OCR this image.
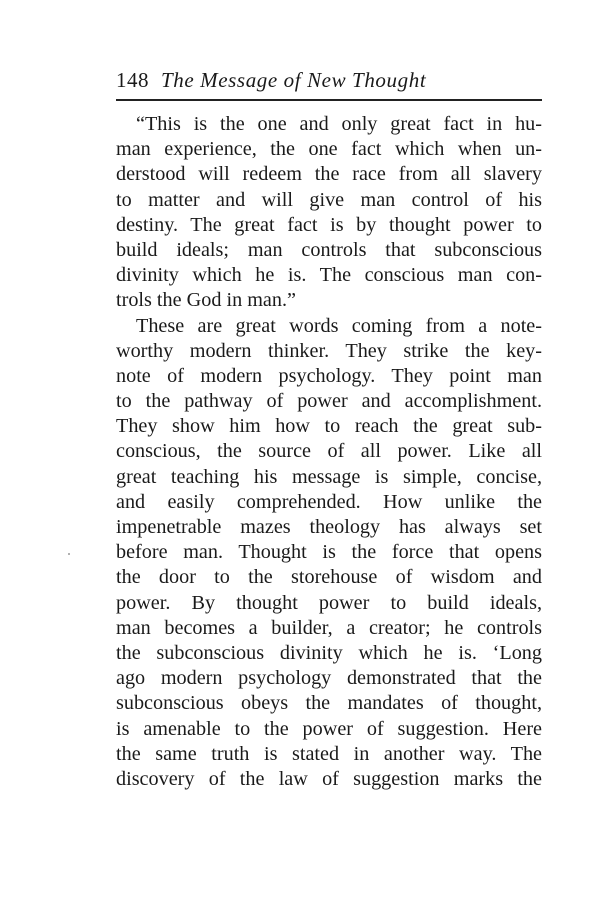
148 The Message of New Thought
“This is the one and only great fact in hu-
man experience, the one fact which when un-
derstood will redeem the race from all slavery
to matter and will give man control of his
destiny. The great fact is by thought power to
build ideals; man controls that subconscious
divinity which he is. The conscious man con-
trols the God in man.”
These are great words coming from a note-
worthy modern thinker. They strike the key-
note of modern psychology. They point man
to the pathway of power and accomplishment.
They show him how to reach the great sub-
conscious, the source of all power. Like all
great teaching his message is simple, concise,
and easily comprehended. How unlike the
impenetrable mazes theology has always set
before man. Thought is the force that opens
the door to the storehouse of wisdom and
power. By thought power to build ideals,
man becomes a builder, a creator; he controls
the subconscious divinity which he is. ‘Long
ago modern psychology demonstrated that the
subconscious obeys the mandates of thought,
is amenable to the power of suggestion. Here
the same truth is stated in another way. The
discovery of the law of suggestion marks the
